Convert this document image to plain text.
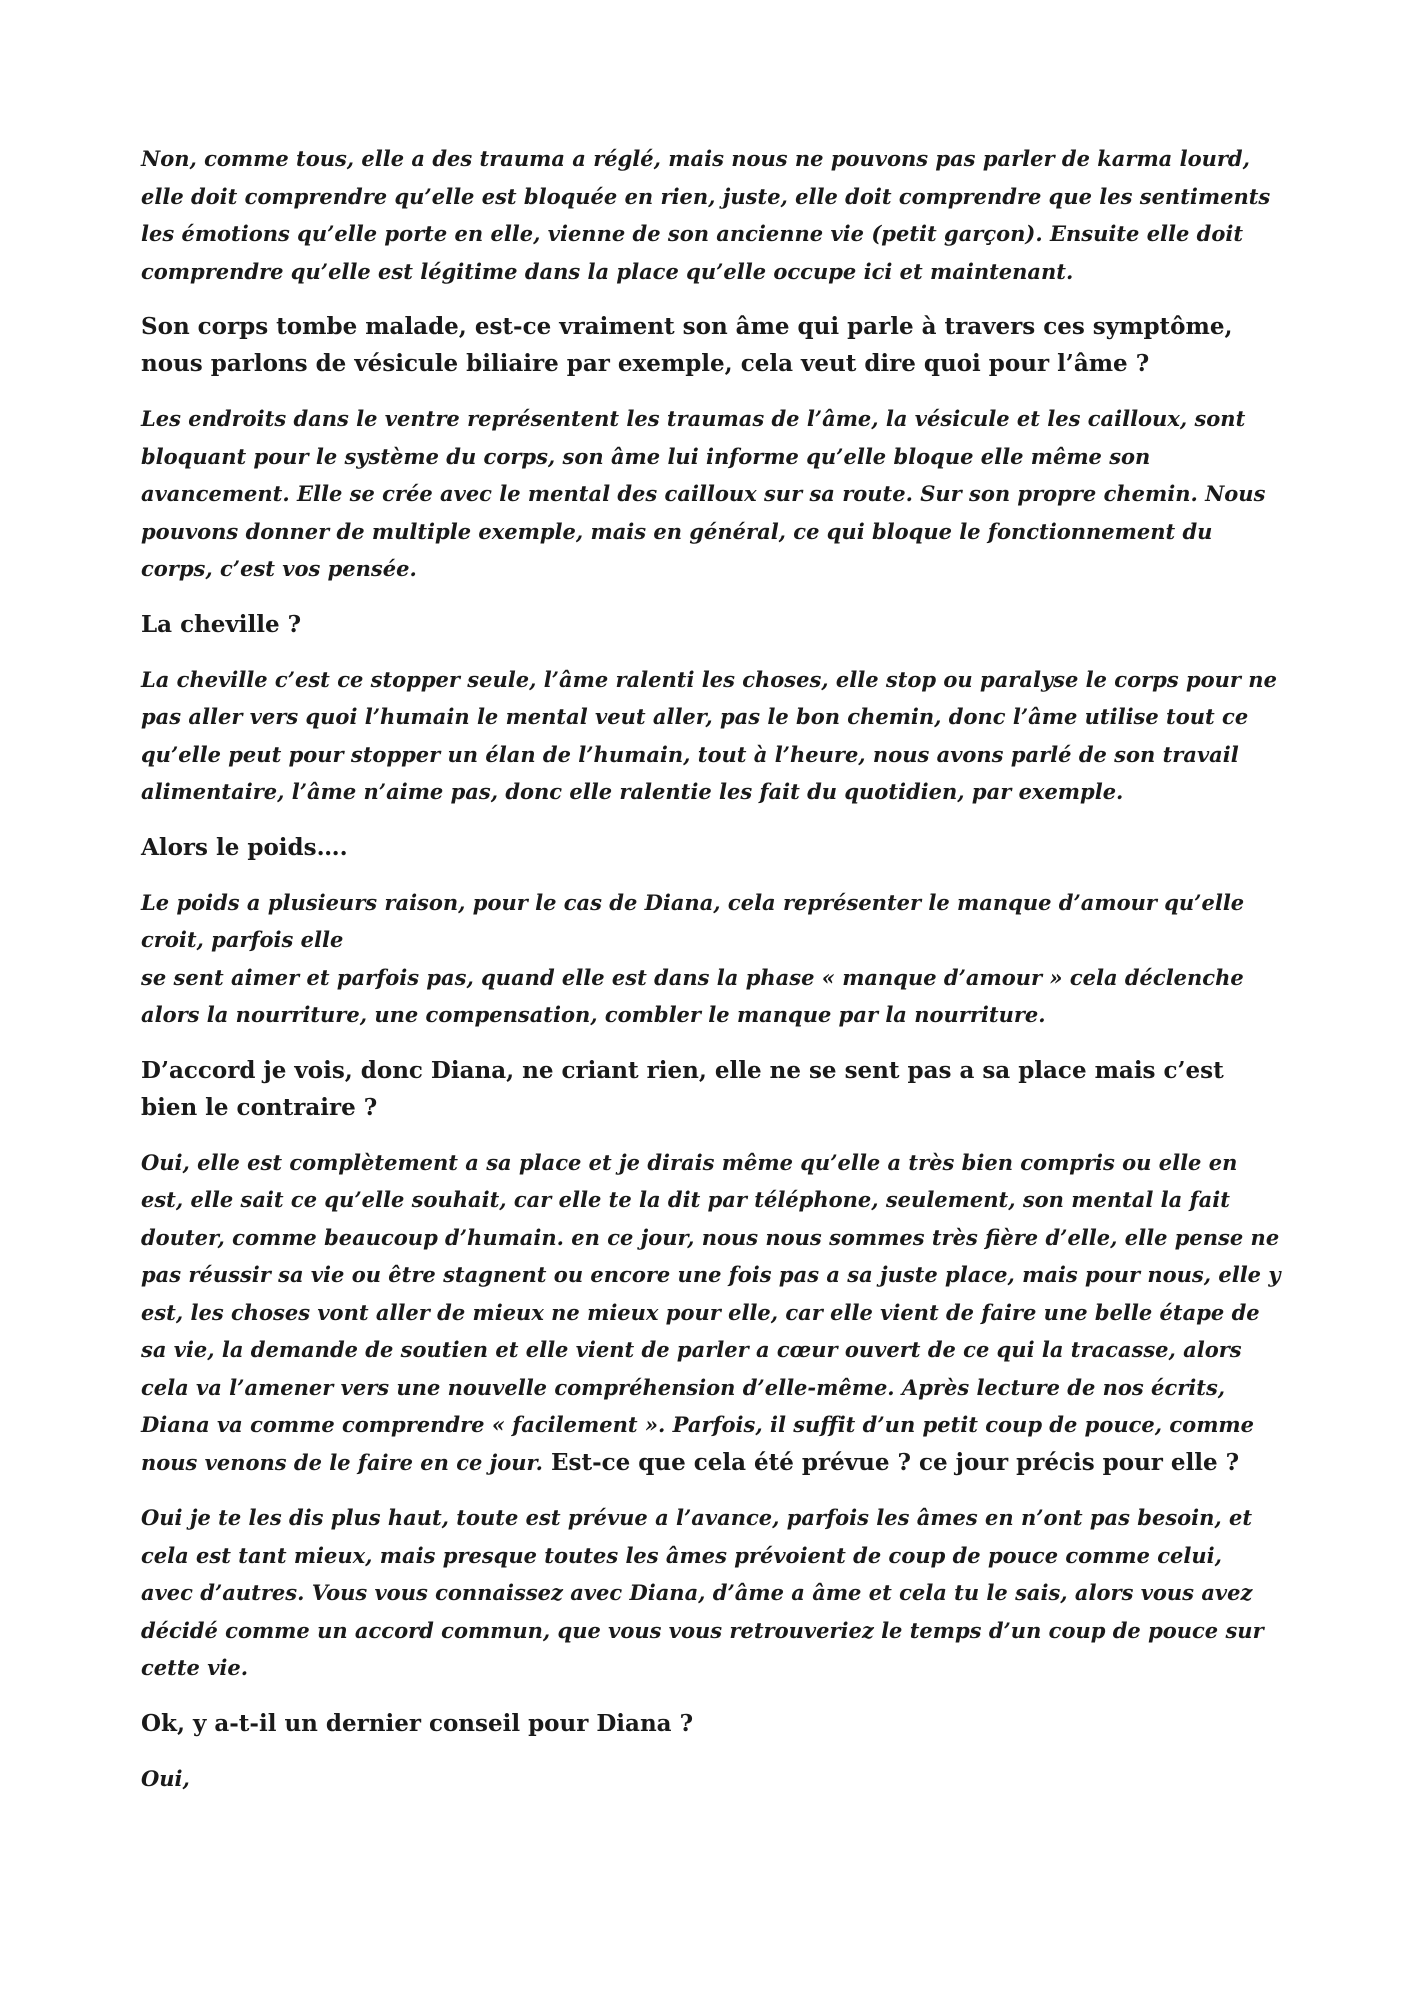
Non, comme tous, elle a des trauma a réglé, mais nous ne pouvons pas parler de karma lourd, elle doit comprendre qu’elle est bloquée en rien, juste, elle doit comprendre que les sentiments les émotions qu’elle porte en elle, vienne de son ancienne vie (petit garçon). Ensuite elle doit comprendre qu’elle est légitime dans la place qu’elle occupe ici et maintenant.

Son corps tombe malade, est-ce vraiment son âme qui parle à travers ces symptôme, nous parlons de vésicule biliaire par exemple, cela veut dire quoi pour l’âme ?

Les endroits dans le ventre représentent les traumas de l’âme, la vésicule et les cailloux, sont bloquant pour le système du corps, son âme lui informe qu’elle bloque elle même son avancement. Elle se crée avec le mental des cailloux sur sa route. Sur son propre chemin. Nous pouvons donner de multiple exemple, mais en général, ce qui bloque le fonctionnement du corps, c’est vos pensée.

La cheville ?

La cheville c’est ce stopper seule, l’âme ralenti les choses, elle stop ou paralyse le corps pour ne pas aller vers quoi l’humain le mental veut aller, pas le bon chemin, donc l’âme utilise tout ce qu’elle peut pour stopper un élan de l’humain, tout à l’heure, nous avons parlé de son travail alimentaire, l’âme n’aime pas, donc elle ralentie les fait du quotidien, par exemple.

Alors le poids….

Le poids a plusieurs raison, pour le cas de Diana, cela représenter le manque d’amour qu’elle croit, parfois elle
se sent aimer et parfois pas, quand elle est dans la phase « manque d’amour » cela déclenche alors la nourriture, une compensation, combler le manque par la nourriture.

D’accord je vois, donc Diana, ne criant rien, elle ne se sent pas a sa place mais c’est bien le contraire ?

Oui, elle est complètement a sa place et je dirais même qu’elle a très bien compris ou elle en est, elle sait ce qu’elle souhait, car elle te la dit par téléphone, seulement, son mental la fait douter, comme beaucoup d’humain. en ce jour, nous nous sommes très fière d’elle, elle pense ne pas réussir sa vie ou être stagnent ou encore une fois pas a sa juste place, mais pour nous, elle y est, les choses vont aller de mieux ne mieux pour elle, car elle vient de faire une belle étape de sa vie, la demande de soutien et elle vient de parler a cœur ouvert de ce qui la tracasse, alors cela va l’amener vers une nouvelle compréhension d’elle-même. Après lecture de nos écrits, Diana va comme comprendre « facilement ». Parfois, il suffit d’un petit coup de pouce, comme nous venons de le faire en ce jour. Est-ce que cela été prévue ? ce jour précis pour elle ?

Oui je te les dis plus haut, toute est prévue a l’avance, parfois les âmes en n’ont pas besoin, et cela est tant mieux, mais presque toutes les âmes prévoient de coup de pouce comme celui, avec d’autres. Vous vous connaissez avec Diana, d’âme a âme et cela tu le sais, alors vous avez décidé comme un accord commun, que vous vous retrouveriez le temps d’un coup de pouce sur cette vie.

Ok, y a-t-il un dernier conseil pour Diana ?

Oui,
